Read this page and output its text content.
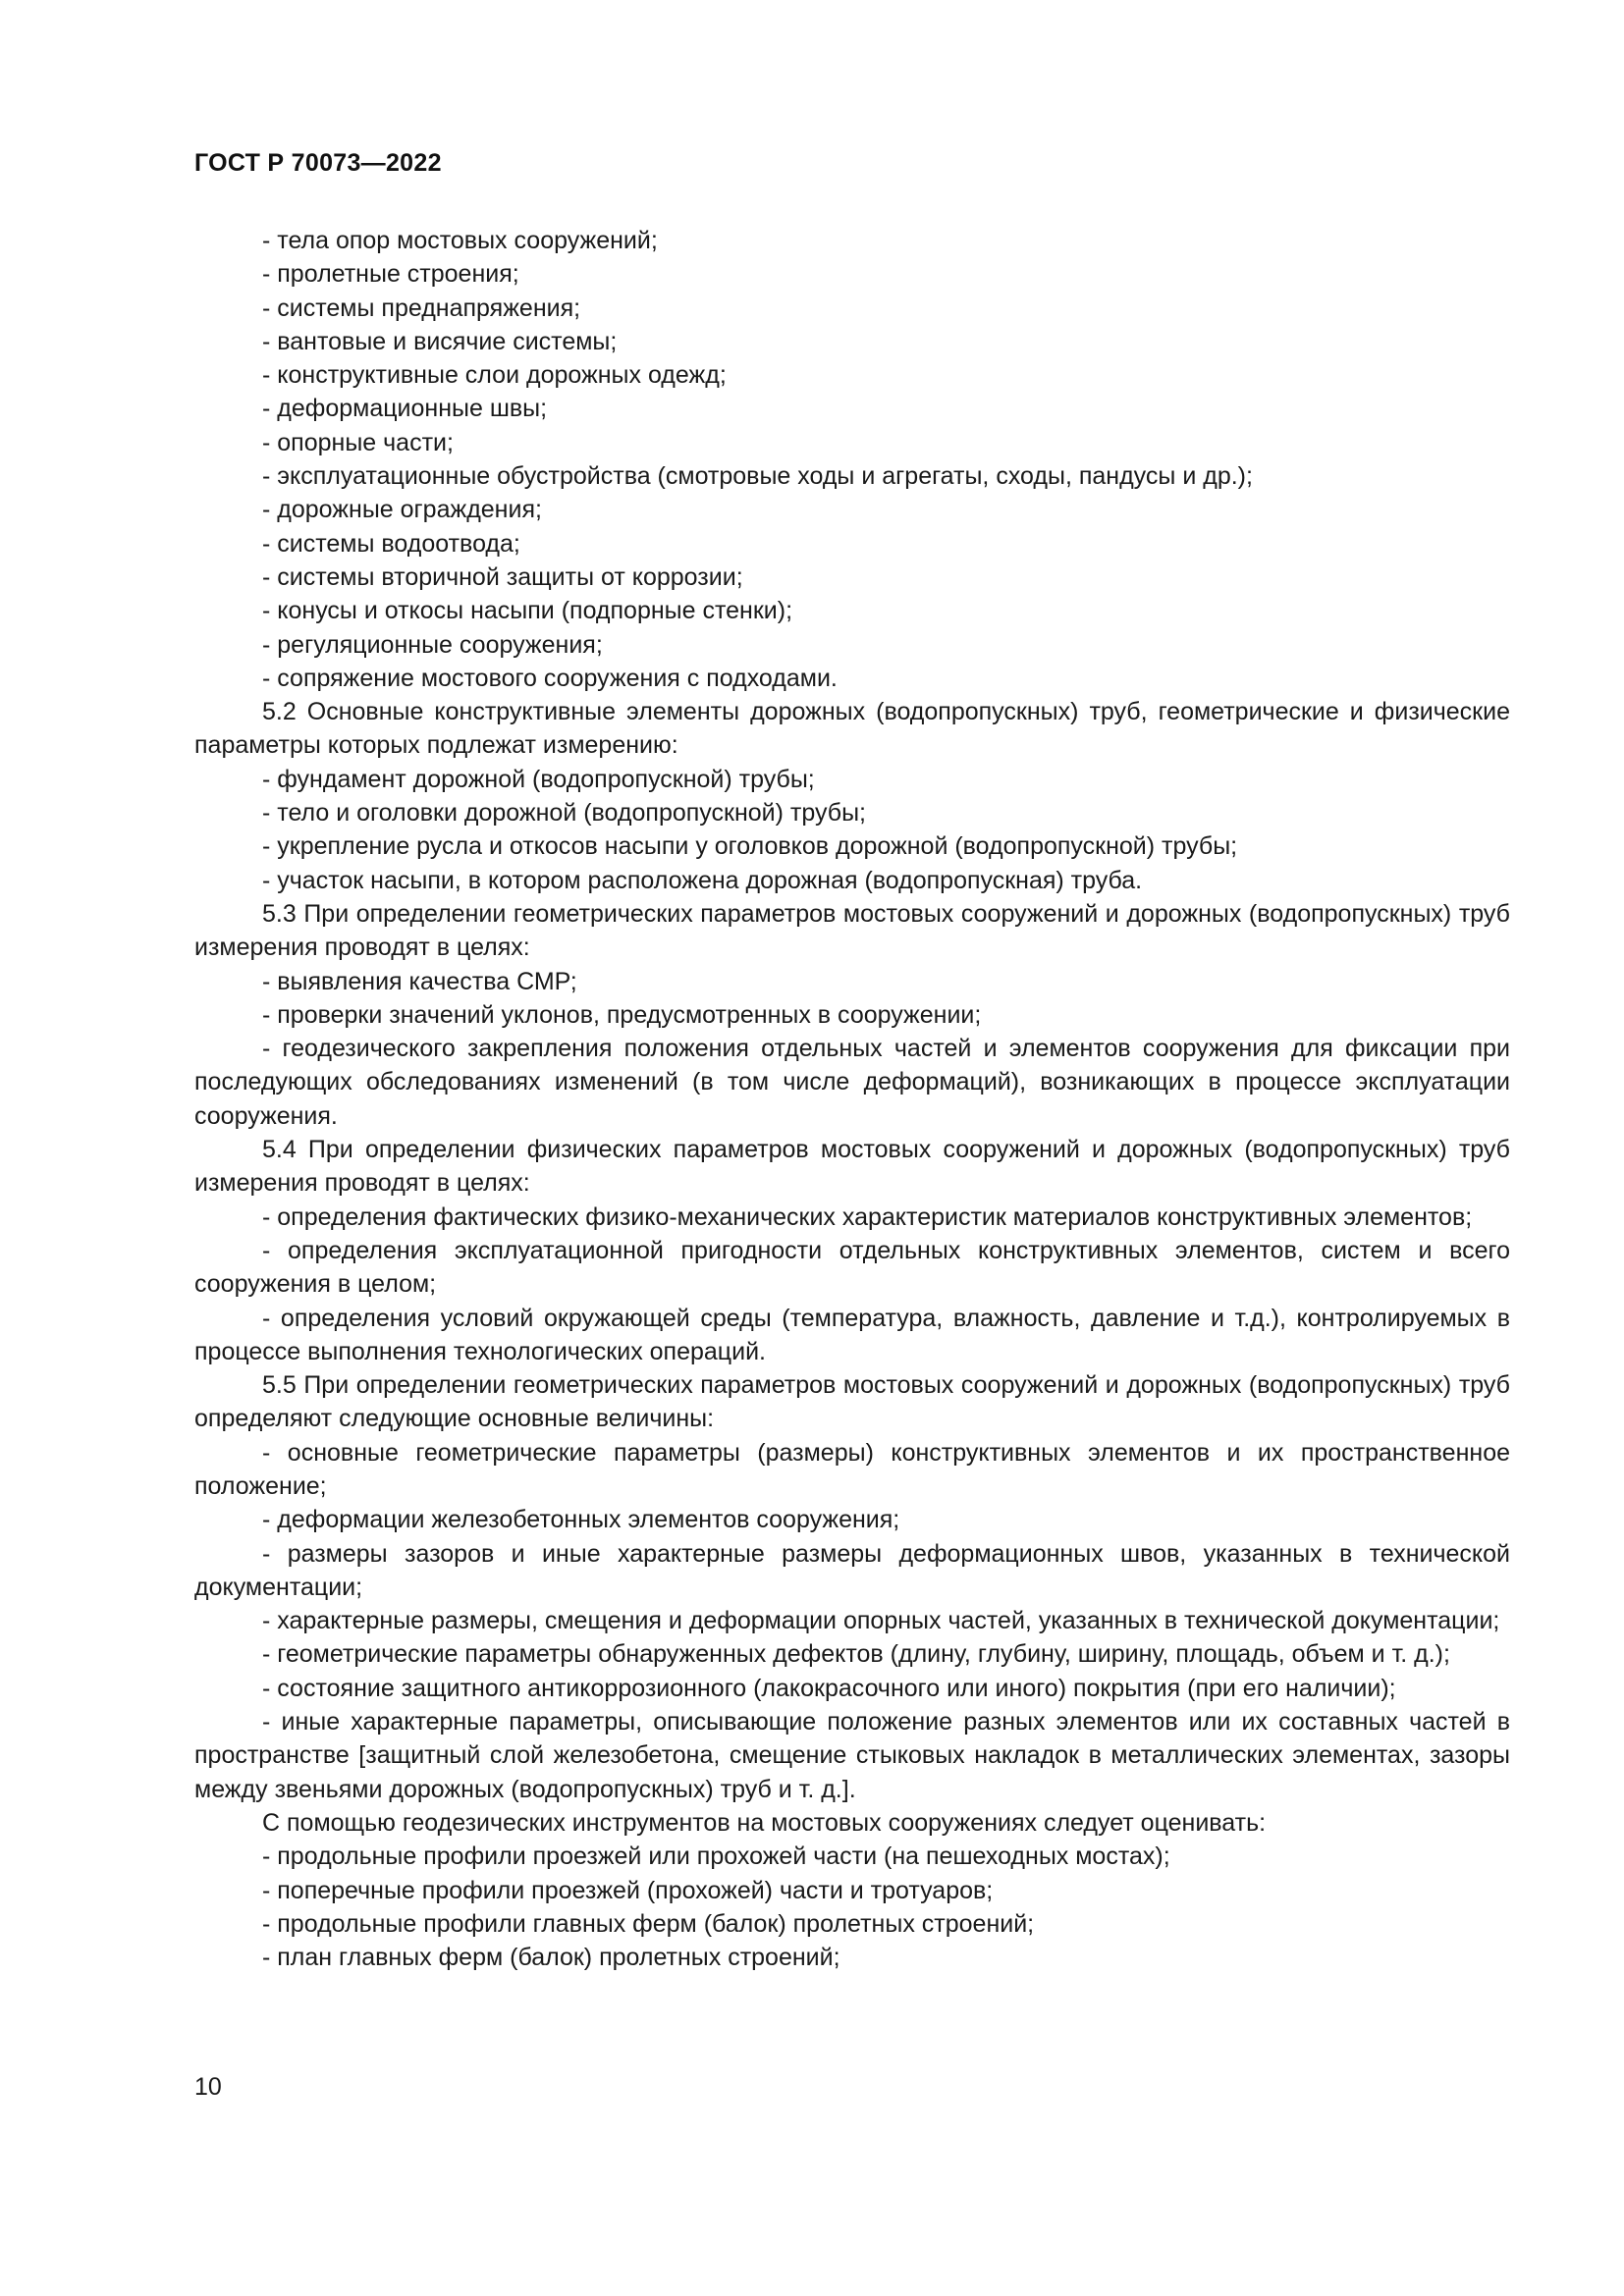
ГОСТ Р 70073—2022

- тела опор мостовых сооружений;

- пролетные строения;

- системы преднапряжения;

- вантовые и висячие системы;

- конструктивные слои дорожных одежд;

- деформационные швы;

- опорные части;

- эксплуатационные обустройства (смотровые ходы и агрегаты, сходы, пандусы и др.);

- дорожные ограждения;

- системы водоотвода;

- системы вторичной защиты от коррозии;

- конусы и откосы насыпи (подпорные стенки);

- регуляционные сооружения;

- сопряжение мостового сооружения с подходами.

5.2 Основные конструктивные элементы дорожных (водопропускных) труб, геометрические и физические параметры которых подлежат измерению:

- фундамент дорожной (водопропускной) трубы;

- тело и оголовки дорожной (водопропускной) трубы;

- укрепление русла и откосов насыпи у оголовков дорожной (водопропускной) трубы;

- участок насыпи, в котором расположена дорожная (водопропускная) труба.

5.3 При определении геометрических параметров мостовых сооружений и дорожных (водопропускных) труб измерения проводят в целях:

- выявления качества СМР;

- проверки значений уклонов, предусмотренных в сооружении;

- геодезического закрепления положения отдельных частей и элементов сооружения для фиксации при последующих обследованиях изменений (в том числе деформаций), возникающих в процессе эксплуатации сооружения.

5.4 При определении физических параметров мостовых сооружений и дорожных (водопропускных) труб измерения проводят в целях:

- определения фактических физико-механических характеристик материалов конструктивных элементов;

- определения эксплуатационной пригодности отдельных конструктивных элементов, систем и всего сооружения в целом;

- определения условий окружающей среды (температура, влажность, давление и т.д.), контролируемых в процессе выполнения технологических операций.

5.5 При определении геометрических параметров мостовых сооружений и дорожных (водопропускных) труб определяют следующие основные величины:

- основные геометрические параметры (размеры) конструктивных элементов и их пространственное положение;

- деформации железобетонных элементов сооружения;

- размеры зазоров и иные характерные размеры деформационных швов, указанных в технической документации;

- характерные размеры, смещения и деформации опорных частей, указанных в технической документации;

- геометрические параметры обнаруженных дефектов (длину, глубину, ширину, площадь, объем и т. д.);

- состояние защитного антикоррозионного (лакокрасочного или иного) покрытия (при его наличии);

- иные характерные параметры, описывающие положение разных элементов или их составных частей в пространстве [защитный слой железобетона, смещение стыковых накладок в металлических элементах, зазоры между звеньями дорожных (водопропускных) труб и т. д.].

С помощью геодезических инструментов на мостовых сооружениях следует оценивать:

- продольные профили проезжей или прохожей части (на пешеходных мостах);

- поперечные профили проезжей (прохожей) части и тротуаров;

- продольные профили главных ферм (балок) пролетных строений;

- план главных ферм (балок) пролетных строений;

10
